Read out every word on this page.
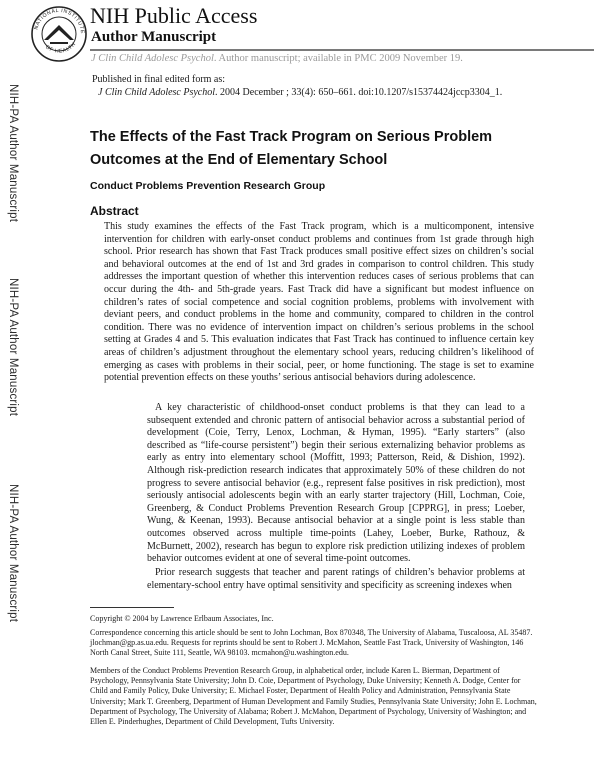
NATIONAL INSTITUTE
OF HEALTH
NIH Public Access
Author Manuscript
J Clin Child Adolesc Psychol. Author manuscript; available in PMC 2009 November 19.
Published in final edited form as:
J Clin Child Adolesc Psychol. 2004 December ; 33(4): 650–661. doi:10.1207/s15374424jccp3304_1.
NIH-PA Author Manuscript
NIH-PA Author Manuscript
NIH-PA Author Manuscript
The Effects of the Fast Track Program on Serious Problem Outcomes at the End of Elementary School
Conduct Problems Prevention Research Group
Abstract
This study examines the effects of the Fast Track program, which is a multicomponent, intensive intervention for children with early-onset conduct problems and continues from 1st grade through high school. Prior research has shown that Fast Track produces small positive effect sizes on children’s social and behavioral outcomes at the end of 1st and 3rd grades in comparison to control children. This study addresses the important question of whether this intervention reduces cases of serious problems that can occur during the 4th- and 5th-grade years. Fast Track did have a significant but modest influence on children’s rates of social competence and social cognition problems, problems with involvement with deviant peers, and conduct problems in the home and community, compared to children in the control condition. There was no evidence of intervention impact on children’s serious problems in the school setting at Grades 4 and 5. This evaluation indicates that Fast Track has continued to influence certain key areas of children’s adjustment throughout the elementary school years, reducing children’s likelihood of emerging as cases with problems in their social, peer, or home functioning. The stage is set to examine potential prevention effects on these youths’ serious antisocial behaviors during adolescence.
A key characteristic of childhood-onset conduct problems is that they can lead to a subsequent extended and chronic pattern of antisocial behavior across a substantial period of development (Coie, Terry, Lenox, Lochman, & Hyman, 1995). “Early starters” (also described as “life-course persistent”) begin their serious externalizing behavior problems as early as entry into elementary school (Moffitt, 1993; Patterson, Reid, & Dishion, 1992). Although risk-prediction research indicates that approximately 50% of these children do not progress to severe antisocial behavior (e.g., represent false positives in risk prediction), most seriously antisocial adolescents begin with an early starter trajectory (Hill, Lochman, Coie, Greenberg, & Conduct Problems Prevention Research Group [CPPRG], in press; Loeber, Wung, & Keenan, 1993). Because antisocial behavior at a single point is less stable than outcomes observed across multiple time-points (Lahey, Loeber, Burke, Rathouz, & McBurnett, 2002), research has begun to explore risk prediction utilizing indexes of problem behavior outcomes evident at one of several time-point outcomes.
Prior research suggests that teacher and parent ratings of children’s behavior problems at elementary-school entry have optimal sensitivity and specificity as screening indexes when
Copyright © 2004 by Lawrence Erlbaum Associates, Inc.
Correspondence concerning this article should be sent to John Lochman, Box 870348, The University of Alabama, Tuscaloosa, AL 35487. jlochman@gp.as.ua.edu. Requests for reprints should be sent to Robert J. McMahon, Seattle Fast Track, University of Washington, 146 North Canal Street, Suite 111, Seattle, WA 98103. mcmahon@u.washington.edu.
Members of the Conduct Problems Prevention Research Group, in alphabetical order, include Karen L. Bierman, Department of Psychology, Pennsylvania State University; John D. Coie, Department of Psychology, Duke University; Kenneth A. Dodge, Center for Child and Family Policy, Duke University; E. Michael Foster, Department of Health Policy and Administration, Pennsylvania State University; Mark T. Greenberg, Department of Human Development and Family Studies, Pennsylvania State University; John E. Lochman, Department of Psychology, The University of Alabama; Robert J. McMahon, Department of Psychology, University of Washington; and Ellen E. Pinderhughes, Department of Child Development, Tufts University.
